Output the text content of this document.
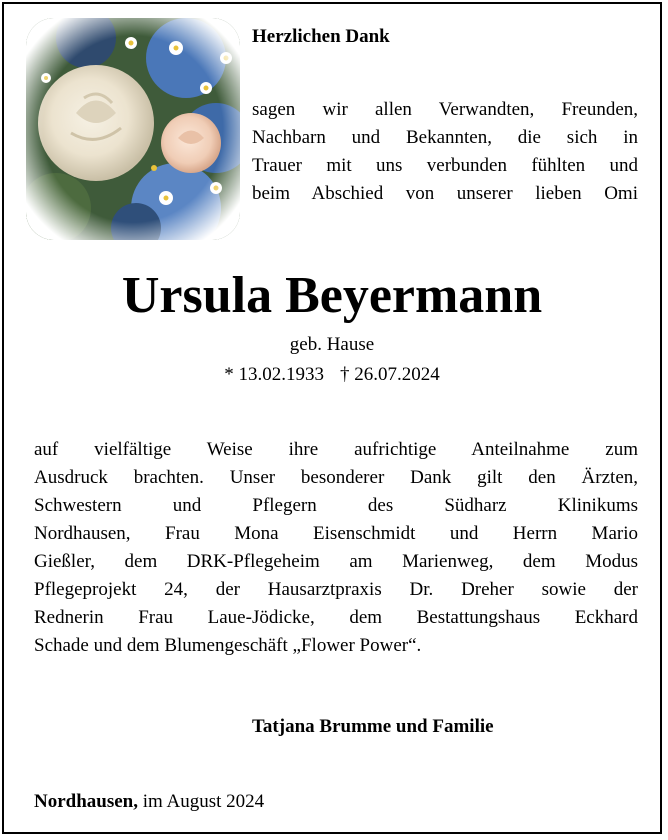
Herzlichen Dank
sagen wir allen Verwandten, Freunden,
Nachbarn und Bekannten, die sich in
Trauer mit uns verbunden fühlten und
beim Abschied von unserer lieben Omi
Ursula Beyermann
geb. Hause
* 13.02.1933 † 26.07.2024
auf vielfältige Weise ihre aufrichtige Anteilnahme zum
Ausdruck brachten. Unser besonderer Dank gilt den Ärzten,
Schwestern und Pflegern des Südharz Klinikums
Nordhausen, Frau Mona Eisenschmidt und Herrn Mario
Gießler, dem DRK-Pflegeheim am Marienweg, dem Modus
Pflegeprojekt 24, der Hausarztpraxis Dr. Dreher sowie der
Rednerin Frau Laue-Jödicke, dem Bestattungshaus Eckhard
Schade und dem Blumengeschäft „Flower Power“.
Tatjana Brumme und Familie
Nordhausen, im August 2024
